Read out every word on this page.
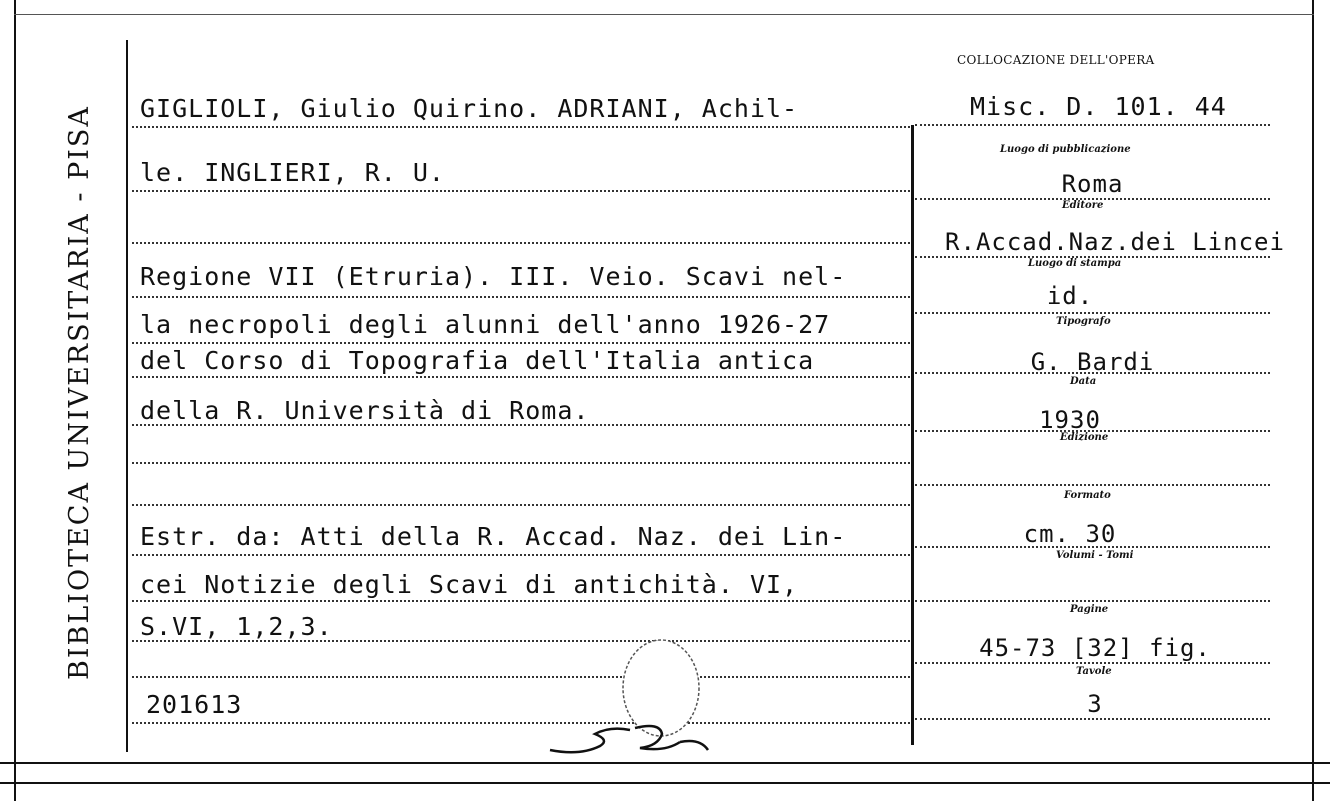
BIBLIOTECA UNIVERSITARIA - PISA
COLLOCAZIONE DELL'OPERA
Misc. D. 101. 44
GIGLIOLI, Giulio Quirino. ADRIANI, Achil-
le. INGLIERI, R. U.
Regione VII (Etruria). III. Veio. Scavi nel-
la necropoli degli alunni dell'anno 1926-27
del Corso di Topografia dell'Italia antica
della R. Università di Roma.
Estr. da: Atti della R. Accad. Naz. dei Lin-
cei Notizie degli Scavi di antichità. VI,
S.VI, 1,2,3.
201613
Luogo di pubblicazione
Roma
Editore
R.Accad.Naz.dei Lincei
Luogo di stampa
id.
Tipografo
G. Bardi
Data
1930
Edizione
Formato
cm. 30
Volumi - Tomi
Pagine
45-73 [32] fig.
Tavole
3
